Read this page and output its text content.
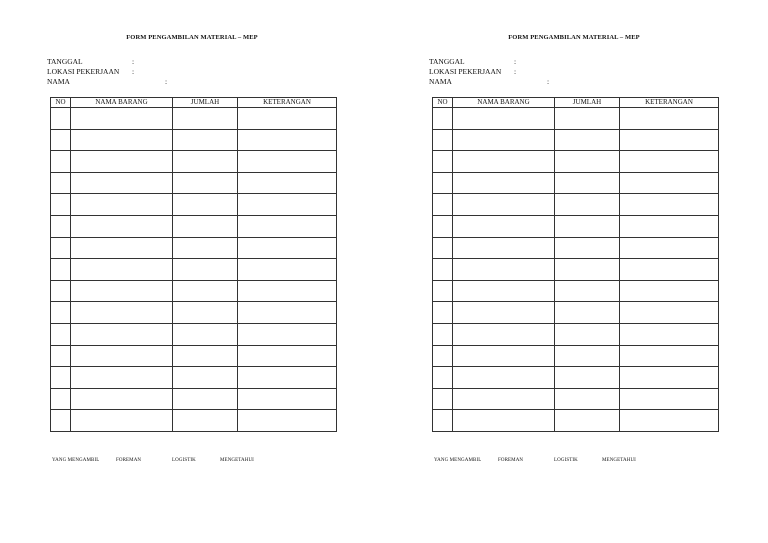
FORM PENGAMBILAN MATERIAL – MEP
TANGGAL	:
LOKASI PEKERJAAN :
NAMA	:
NO	NAMA BARANG	JUMLAH	KETERANGAN

YANG MENGAMBIL	FOREMAN	LOGISTIK	MENGETAHUI
FORM PENGAMBILAN MATERIAL – MEP
TANGGAL	:
LOKASI PEKERJAAN :
NAMA	:
NO	NAMA BARANG	JUMLAH	KETERANGAN

YANG MENGAMBIL	FOREMAN	LOGISTIK	MENGETAHUI
